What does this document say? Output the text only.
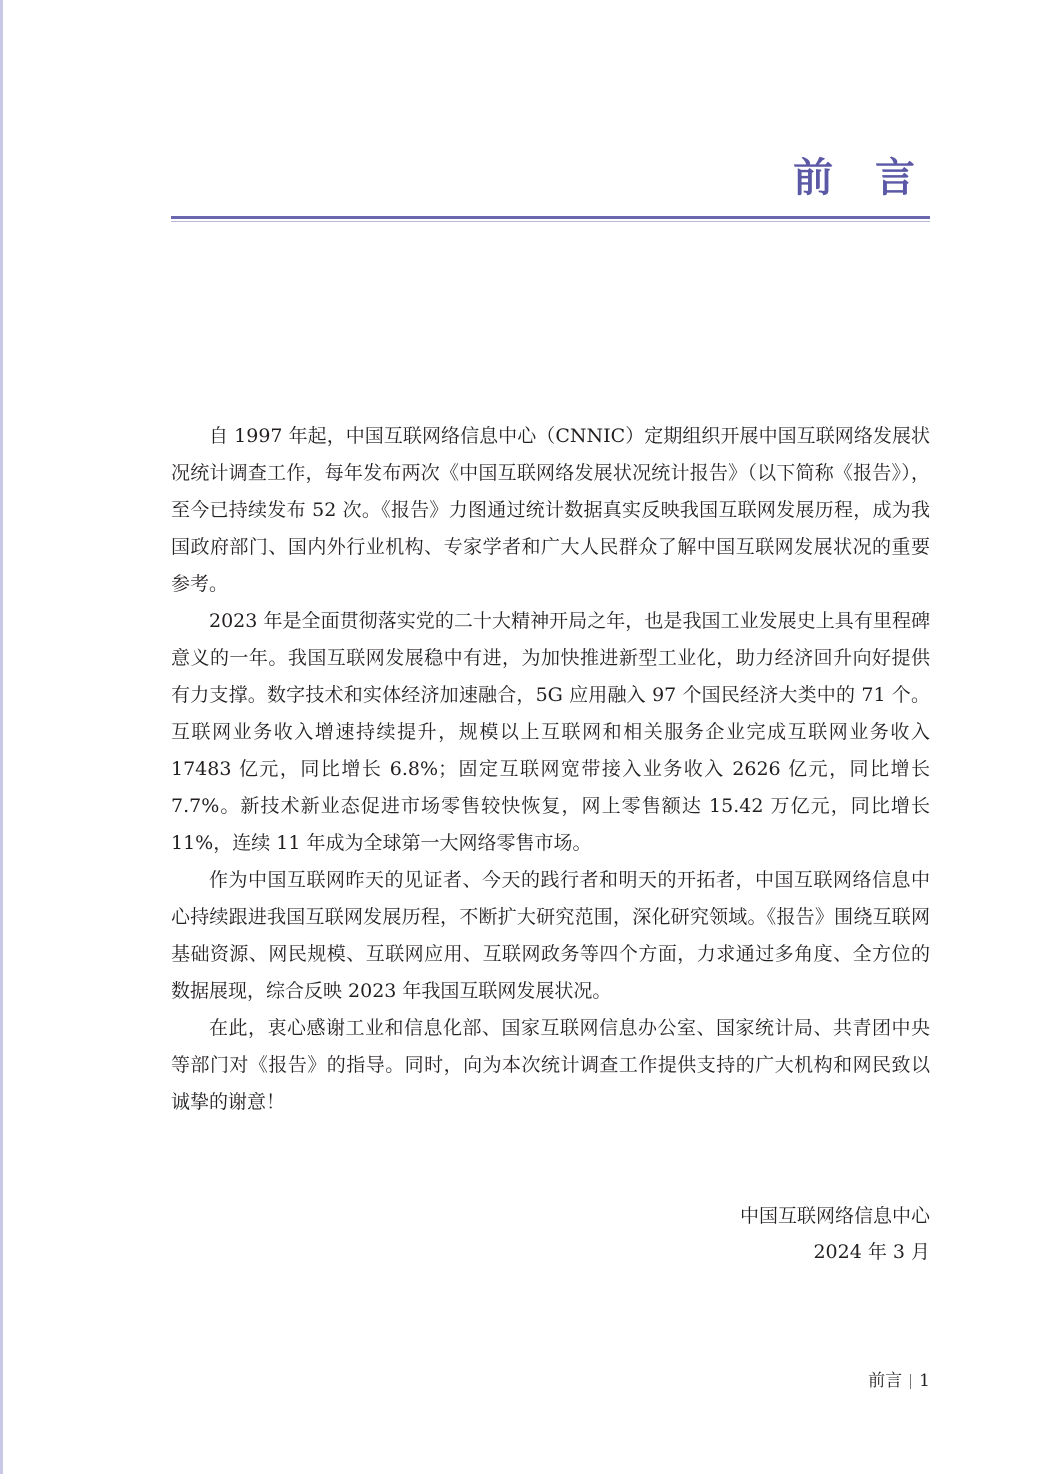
前 言

自 1997 年起，中国互联网络信息中心（CNNIC）定期组织开展中国互联网络发展状况统计调查工作，每年发布两次《中国互联网络发展状况统计报告》（以下简称《报告》），至今已持续发布 52 次。《报告》力图通过统计数据真实反映我国互联网发展历程，成为我国政府部门、国内外行业机构、专家学者和广大人民群众了解中国互联网发展状况的重要参考。

2023 年是全面贯彻落实党的二十大精神开局之年，也是我国工业发展史上具有里程碑意义的一年。我国互联网发展稳中有进，为加快推进新型工业化，助力经济回升向好提供有力支撑。数字技术和实体经济加速融合，5G 应用融入 97 个国民经济大类中的 71 个。互联网业务收入增速持续提升，规模以上互联网和相关服务企业完成互联网业务收入 17483 亿元，同比增长 6.8%；固定互联网宽带接入业务收入 2626 亿元，同比增长 7.7%。新技术新业态促进市场零售较快恢复，网上零售额达 15.42 万亿元，同比增长 11%，连续 11 年成为全球第一大网络零售市场。

作为中国互联网昨天的见证者、今天的践行者和明天的开拓者，中国互联网络信息中心持续跟进我国互联网发展历程，不断扩大研究范围，深化研究领域。《报告》围绕互联网基础资源、网民规模、互联网应用、互联网政务等四个方面，力求通过多角度、全方位的数据展现，综合反映 2023 年我国互联网发展状况。

在此，衷心感谢工业和信息化部、国家互联网信息办公室、国家统计局、共青团中央等部门对《报告》的指导。同时，向为本次统计调查工作提供支持的广大机构和网民致以诚挚的谢意！

中国互联网络信息中心
2024 年 3 月
前言 1
